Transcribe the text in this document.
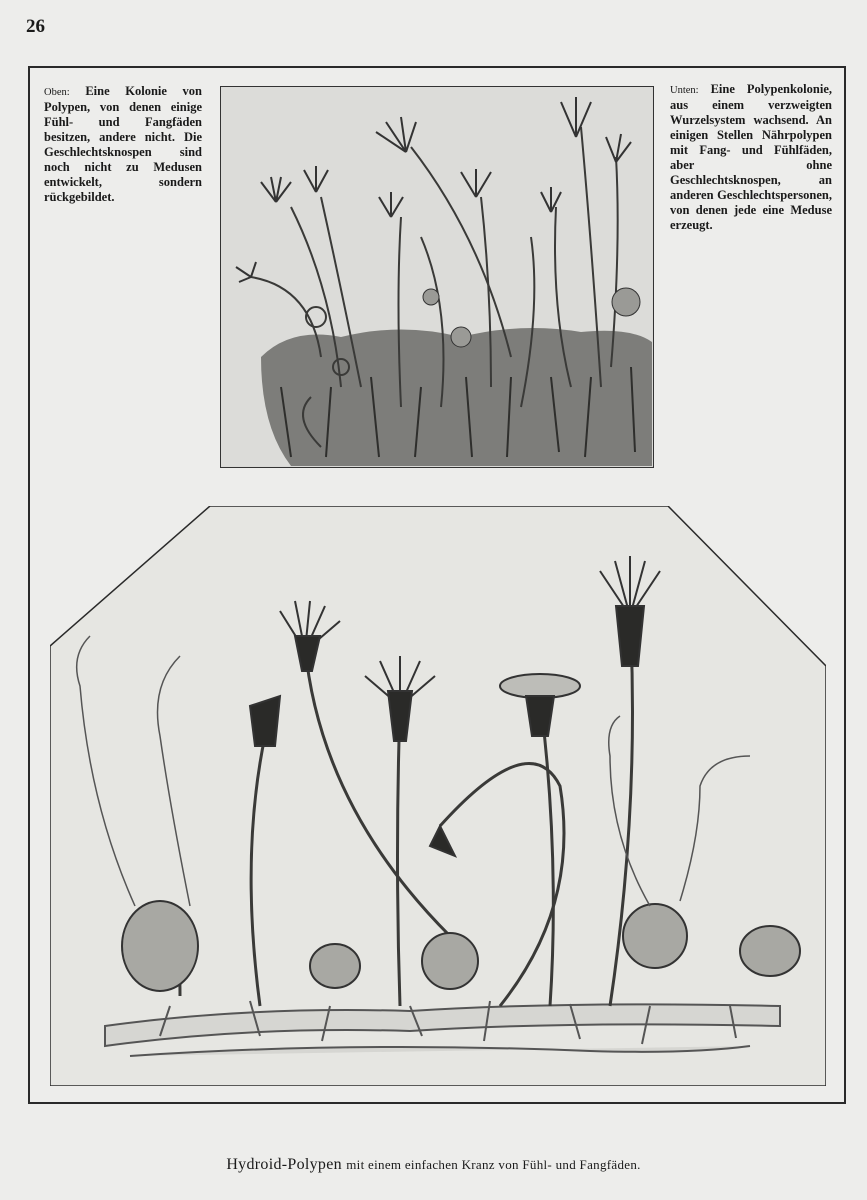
26
Oben: Eine Kolonie von Polypen, von denen einige Fühl- und Fangfäden besitzen, andere nicht. Die Geschlechtsknospen sind noch nicht zu Medusen entwickelt, sondern rückgebildet.
Unten: Eine Polypenkolonie, aus einem verzweigten Wurzelsystem wachsend. An einigen Stellen Nährpolypen mit Fang- und Fühlfäden, aber ohne Geschlechtsknospen, an anderen Geschlechtspersonen, von denen jede eine Meduse erzeugt.
Hydroid-Polypen mit einem einfachen Kranz von Fühl- und Fangfäden.
